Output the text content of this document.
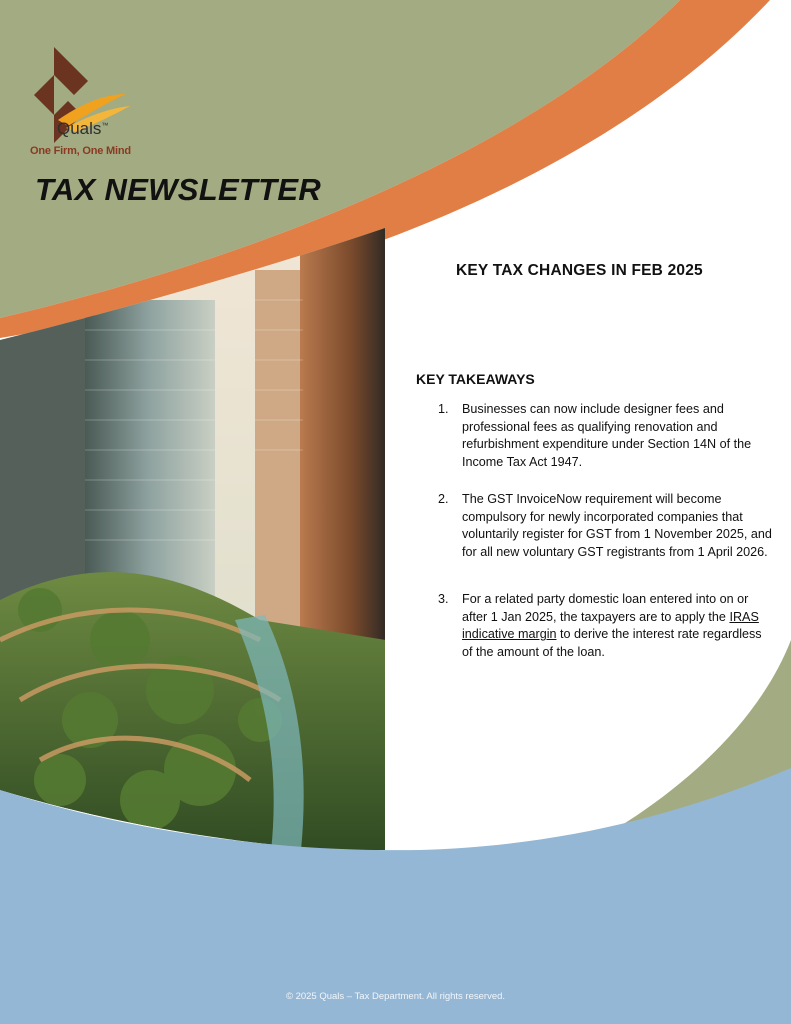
Quals™
One Firm, One Mind
TAX NEWSLETTER
KEY TAX CHANGES IN FEB 2025
KEY TAKEAWAYS
1. Businesses can now include designer fees and professional fees as qualifying renovation and refurbishment expenditure under Section 14N of the Income Tax Act 1947.
2. The GST InvoiceNow requirement will become compulsory for newly incorporated companies that voluntarily register for GST from 1 November 2025, and for all new voluntary GST registrants from 1 April 2026.
3. For a related party domestic loan entered into on or after 1 Jan 2025, the taxpayers are to apply the IRAS indicative margin to derive the interest rate regardless of the amount of the loan.
© 2025 Quals – Tax Department. All rights reserved.
